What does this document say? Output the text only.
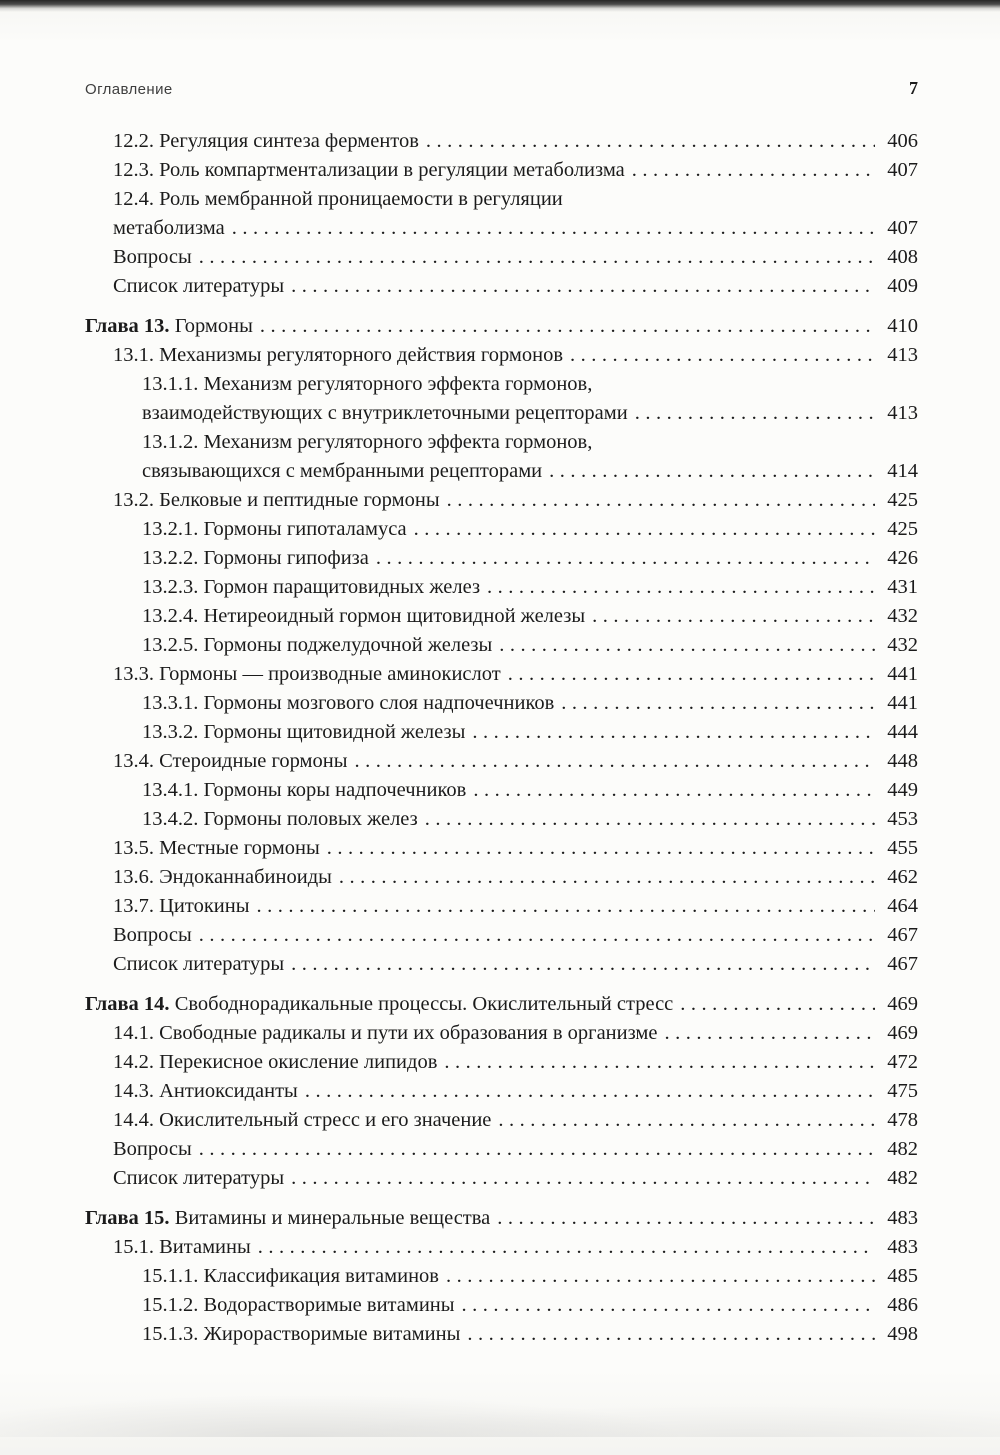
Оглавление	7
12.2. Регуляция синтеза ферментов .....	406
12.3. Роль компартментализации в регуляции метаболизма .....	407
12.4. Роль мембранной проницаемости в регуляции
метаболизма .....	407
Вопросы .....	408
Список литературы .....	409
Глава 13. Гормоны .....	410
13.1. Механизмы регуляторного действия гормонов .....	413
13.1.1. Механизм регуляторного эффекта гормонов,
взаимодействующих с внутриклеточными рецепторами .....	413
13.1.2. Механизм регуляторного эффекта гормонов,
связывающихся с мембранными рецепторами .....	414
13.2. Белковые и пептидные гормоны .....	425
13.2.1. Гормоны гипоталамуса .....	425
13.2.2. Гормоны гипофиза .....	426
13.2.3. Гормон паращитовидных желез .....	431
13.2.4. Нетиреоидный гормон щитовидной железы .....	432
13.2.5. Гормоны поджелудочной железы .....	432
13.3. Гормоны — производные аминокислот .....	441
13.3.1. Гормоны мозгового слоя надпочечников .....	441
13.3.2. Гормоны щитовидной железы .....	444
13.4. Стероидные гормоны .....	448
13.4.1. Гормоны коры надпочечников .....	449
13.4.2. Гормоны половых желез .....	453
13.5. Местные гормоны .....	455
13.6. Эндоканнабиноиды .....	462
13.7. Цитокины .....	464
Вопросы .....	467
Список литературы .....	467
Глава 14. Свободнорадикальные процессы. Окислительный стресс .....	469
14.1. Свободные радикалы и пути их образования в организме .....	469
14.2. Перекисное окисление липидов .....	472
14.3. Антиоксиданты .....	475
14.4. Окислительный стресс и его значение .....	478
Вопросы .....	482
Список литературы .....	482
Глава 15. Витамины и минеральные вещества .....	483
15.1. Витамины .....	483
15.1.1. Классификация витаминов .....	485
15.1.2. Водорастворимые витамины .....	486
15.1.3. Жирорастворимые витамины .....	498
